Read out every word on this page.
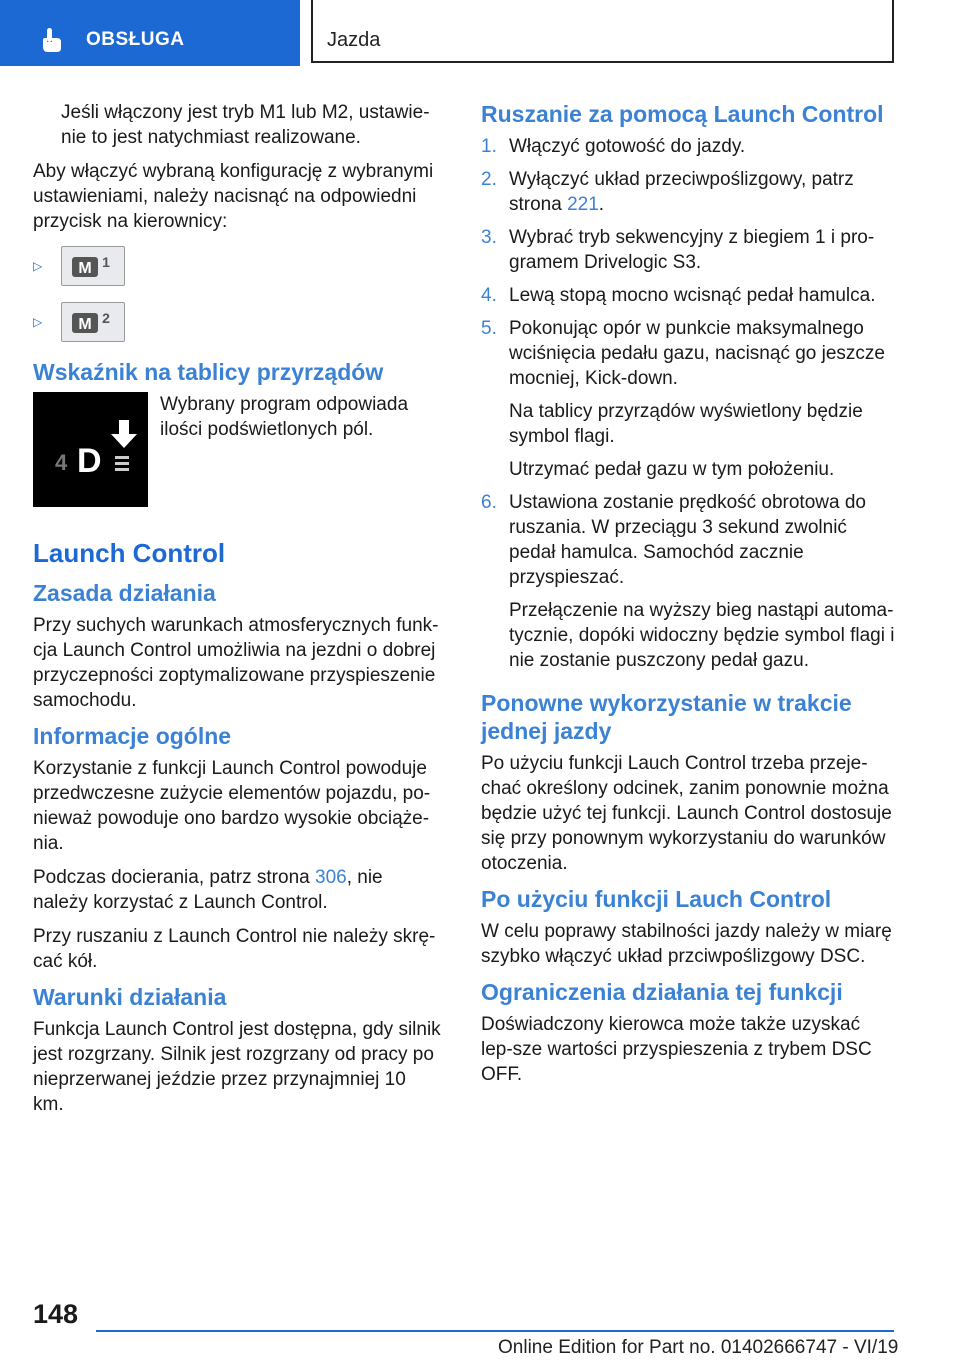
OBSŁUGA	Jazda

Jeśli włączony jest tryb M1 lub M2, ustawie-nie to jest natychmiast realizowane.

Aby włączyć wybraną konfigurację z wybranymi ustawieniami, należy nacisnąć na odpowiedni przycisk na kierownicy:

▷	M 1
▷	M 2
Wskaźnik na tablicy przyrządów
4 D

Wybrany program odpowiada ilości podświetlonych pól.

Launch Control
Zasada działania

Przy suchych warunkach atmosferycznych funk-cja Launch Control umożliwia na jezdni o dobrej przyczepności zoptymalizowane przyspieszenie samochodu.

Informacje ogólne

Korzystanie z funkcji Launch Control powoduje przedwczesne zużycie elementów pojazdu, po-nieważ powoduje ono bardzo wysokie obciąże-nia.

Podczas docierania, patrz strona 306, nie należy korzystać z Launch Control.

Przy ruszaniu z Launch Control nie należy skrę-cać kół.

Warunki działania

Funkcja Launch Control jest dostępna, gdy silnik jest rozgrzany. Silnik jest rozgrzany od pracy po nieprzerwanej jeździe przez przynajmniej 10 km.

Ruszanie za pomocą Launch Control
1. Włączyć gotowość do jazdy.
2. Wyłączyć układ przeciwpoślizgowy, patrz strona 221.
3. Wybrać tryb sekwencyjny z biegiem 1 i pro-gramem Drivelogic S3.
4. Lewą stopą mocno wcisnąć pedał hamulca.
5. Pokonując opór w punkcie maksymalnego wciśnięcia pedału gazu, nacisnąć go jeszcze mocniej, Kick-down.

Na tablicy przyrządów wyświetlony będzie symbol flagi.

Utrzymać pedał gazu w tym położeniu.

6. Ustawiona zostanie prędkość obrotowa do ruszania. W przeciągu 3 sekund zwolnić pedał hamulca. Samochód zacznie przyspieszać.

Przełączenie na wyższy bieg nastąpi automa-tycznie, dopóki widoczny będzie symbol flagi i nie zostanie puszczony pedał gazu.

Ponowne wykorzystanie w trakcie jednej jazdy

Po użyciu funkcji Lauch Control trzeba przeje-chać określony odcinek, zanim ponownie można będzie użyć tej funkcji. Launch Control dostosuje się przy ponownym wykorzystaniu do warunków otoczenia.

Po użyciu funkcji Lauch Control

W celu poprawy stabilności jazdy należy w miarę szybko włączyć układ przciwpoślizgowy DSC.

Ograniczenia działania tej funkcji

Doświadczony kierowca może także uzyskać lep-sze wartości przyspieszenia z trybem DSC OFF.

148
Online Edition for Part no. 01402666747 - VI/19
